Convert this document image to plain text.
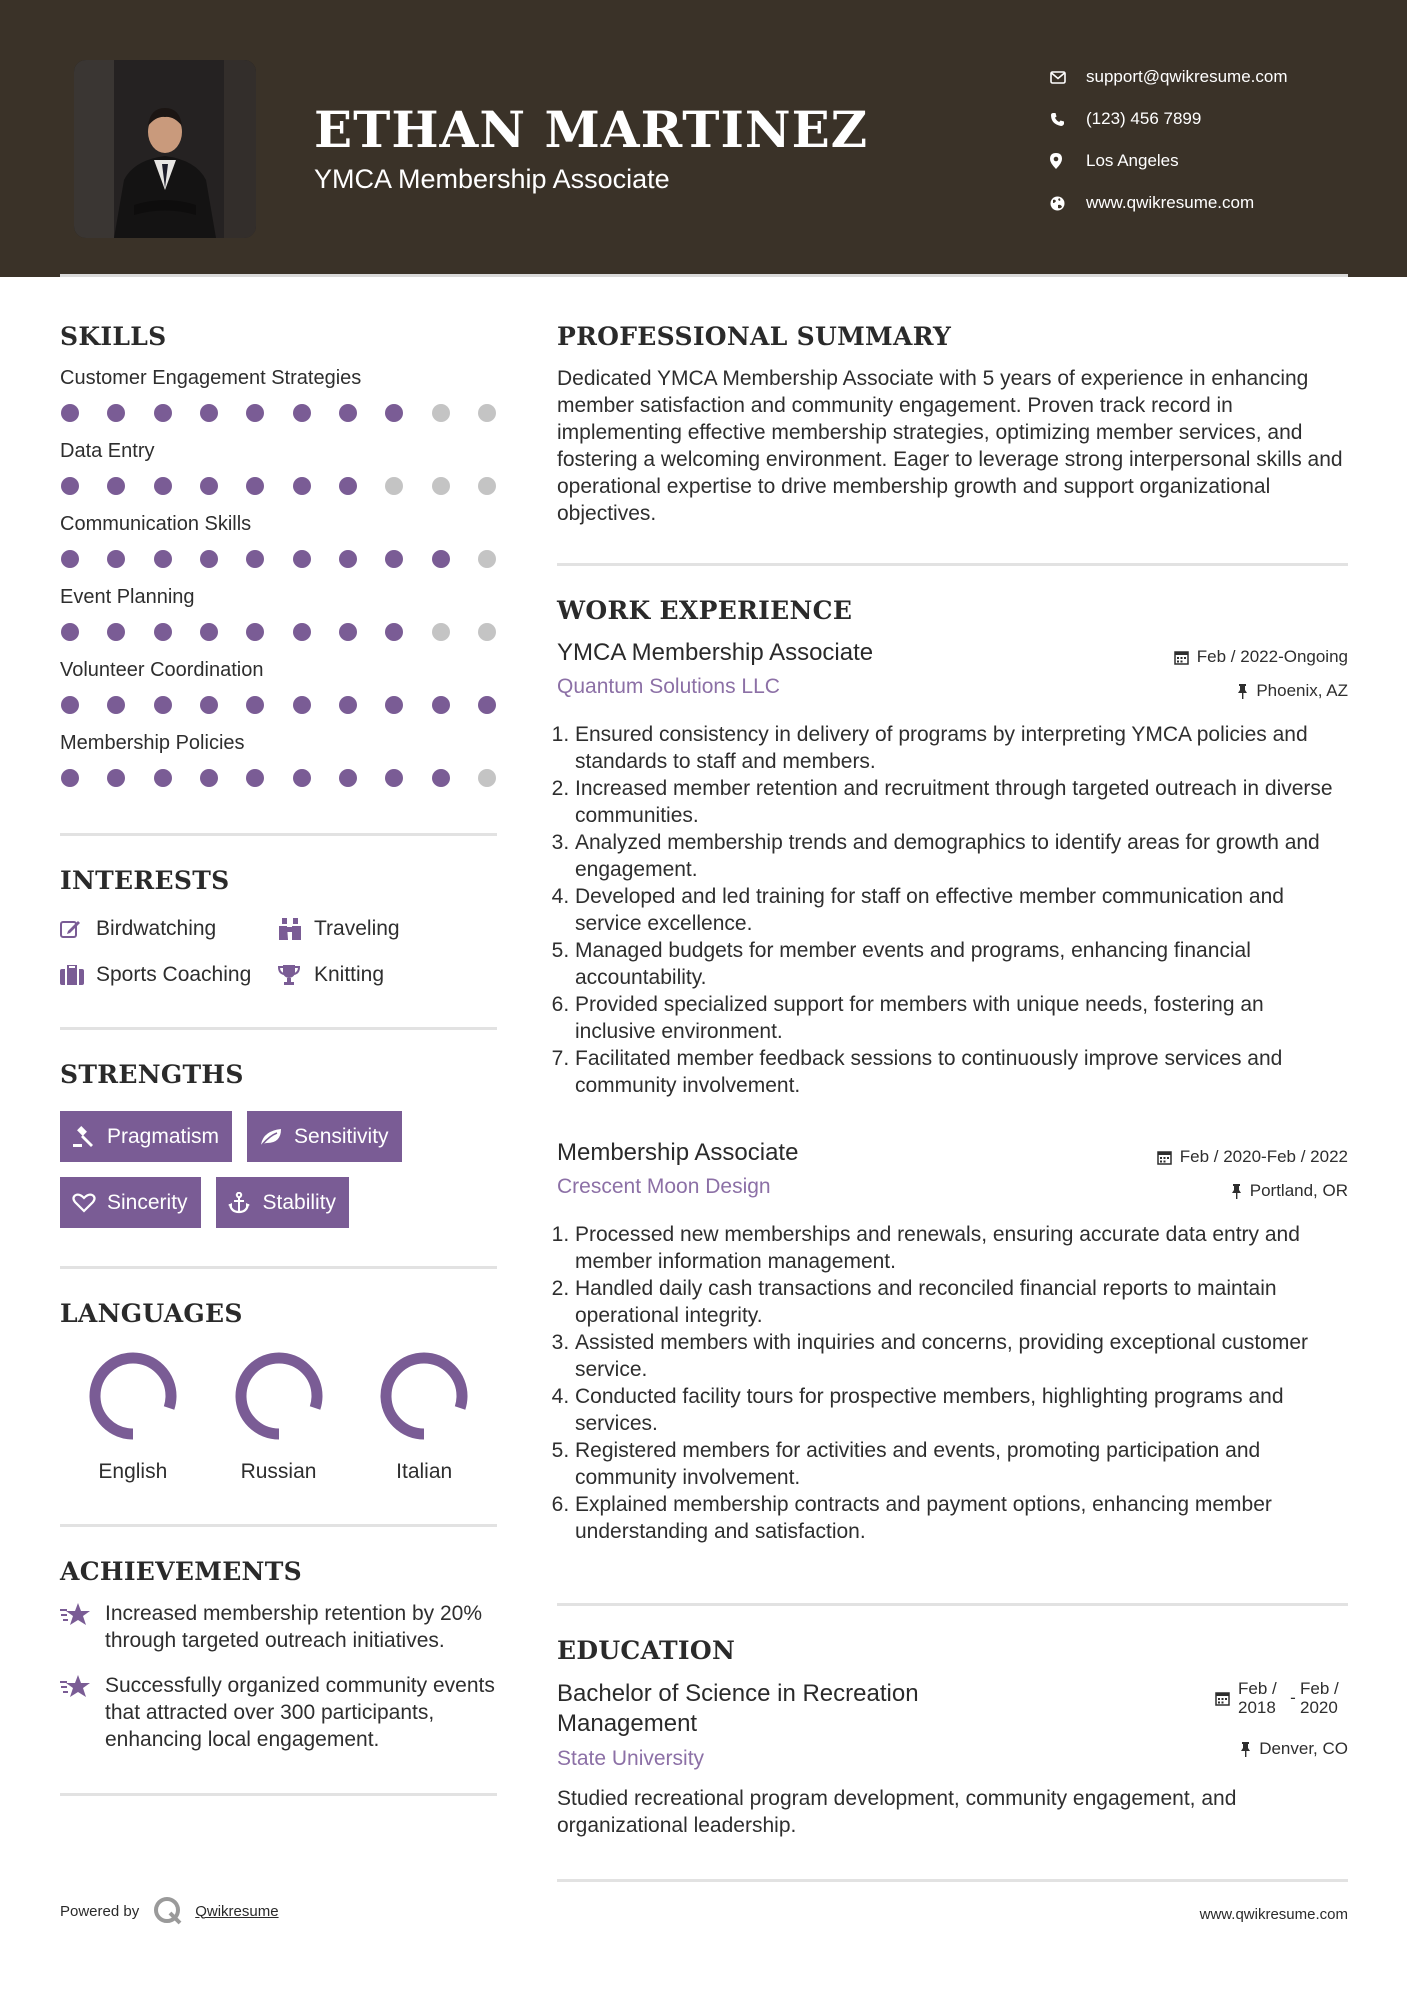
ETHAN MARTINEZ
YMCA Membership Associate
support@qwikresume.com
(123) 456 7899
Los Angeles
www.qwikresume.com
SKILLS
Customer Engagement Strategies
Data Entry
Communication Skills
Event Planning
Volunteer Coordination
Membership Policies
INTERESTS
Birdwatching	Traveling
Sports Coaching	Knitting
STRENGTHS
Pragmatism	Sensitivity
Sincerity	Stability
LANGUAGES
English	Russian	Italian
ACHIEVEMENTS
Increased membership retention by 20% through targeted outreach initiatives.
Successfully organized community events that attracted over 300 participants, enhancing local engagement.
PROFESSIONAL SUMMARY
Dedicated YMCA Membership Associate with 5 years of experience in enhancing member satisfaction and community engagement. Proven track record in implementing effective membership strategies, optimizing member services, and fostering a welcoming environment. Eager to leverage strong interpersonal skills and operational expertise to drive membership growth and support organizational objectives.
WORK EXPERIENCE
YMCA Membership Associate
Quantum Solutions LLC
Feb / 2022-Ongoing
Phoenix, AZ
1. Ensured consistency in delivery of programs by interpreting YMCA policies and standards to staff and members.
2. Increased member retention and recruitment through targeted outreach in diverse communities.
3. Analyzed membership trends and demographics to identify areas for growth and engagement.
4. Developed and led training for staff on effective member communication and service excellence.
5. Managed budgets for member events and programs, enhancing financial accountability.
6. Provided specialized support for members with unique needs, fostering an inclusive environment.
7. Facilitated member feedback sessions to continuously improve services and community involvement.
Membership Associate
Crescent Moon Design
Feb / 2020-Feb / 2022
Portland, OR
1. Processed new memberships and renewals, ensuring accurate data entry and member information management.
2. Handled daily cash transactions and reconciled financial reports to maintain operational integrity.
3. Assisted members with inquiries and concerns, providing exceptional customer service.
4. Conducted facility tours for prospective members, highlighting programs and services.
5. Registered members for activities and events, promoting participation and community involvement.
6. Explained membership contracts and payment options, enhancing member understanding and satisfaction.
EDUCATION
Bachelor of Science in Recreation Management
State University
Feb / 2018
- Feb / 2020
Denver, CO
Studied recreational program development, community engagement, and organizational leadership.
Powered by	Qwikresume	www.qwikresume.com
